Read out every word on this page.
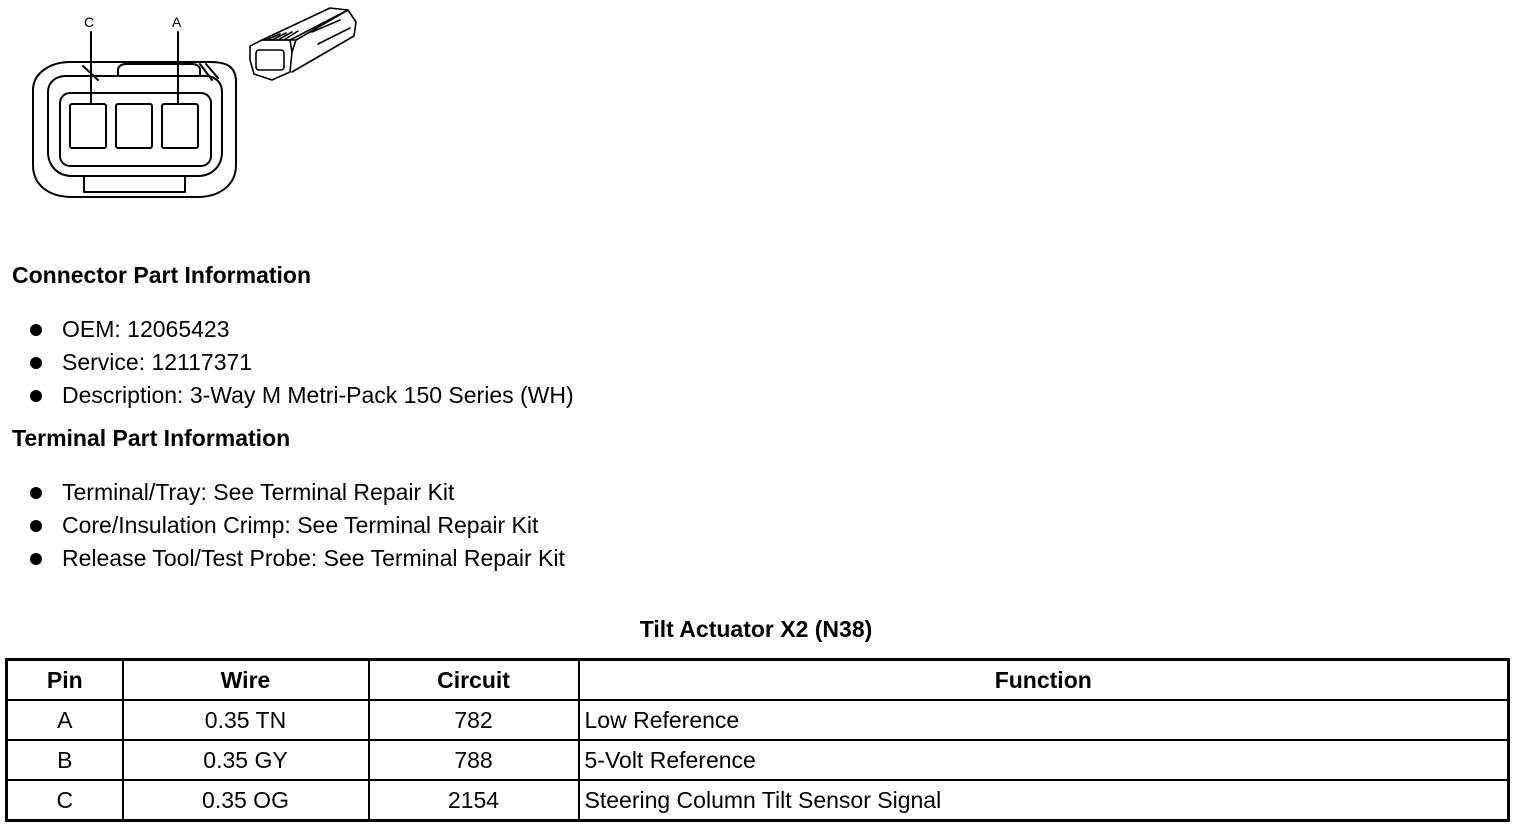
C	A
Connector Part Information
OEM: 12065423
Service: 12117371
Description: 3-Way M Metri-Pack 150 Series (WH)
Terminal Part Information
Terminal/Tray: See Terminal Repair Kit
Core/Insulation Crimp: See Terminal Repair Kit
Release Tool/Test Probe: See Terminal Repair Kit
Tilt Actuator X2 (N38)
Pin	Wire	Circuit	Function
A	0.35 TN	782	Low Reference
B	0.35 GY	788	5-Volt Reference
C	0.35 OG	2154	Steering Column Tilt Sensor Signal
